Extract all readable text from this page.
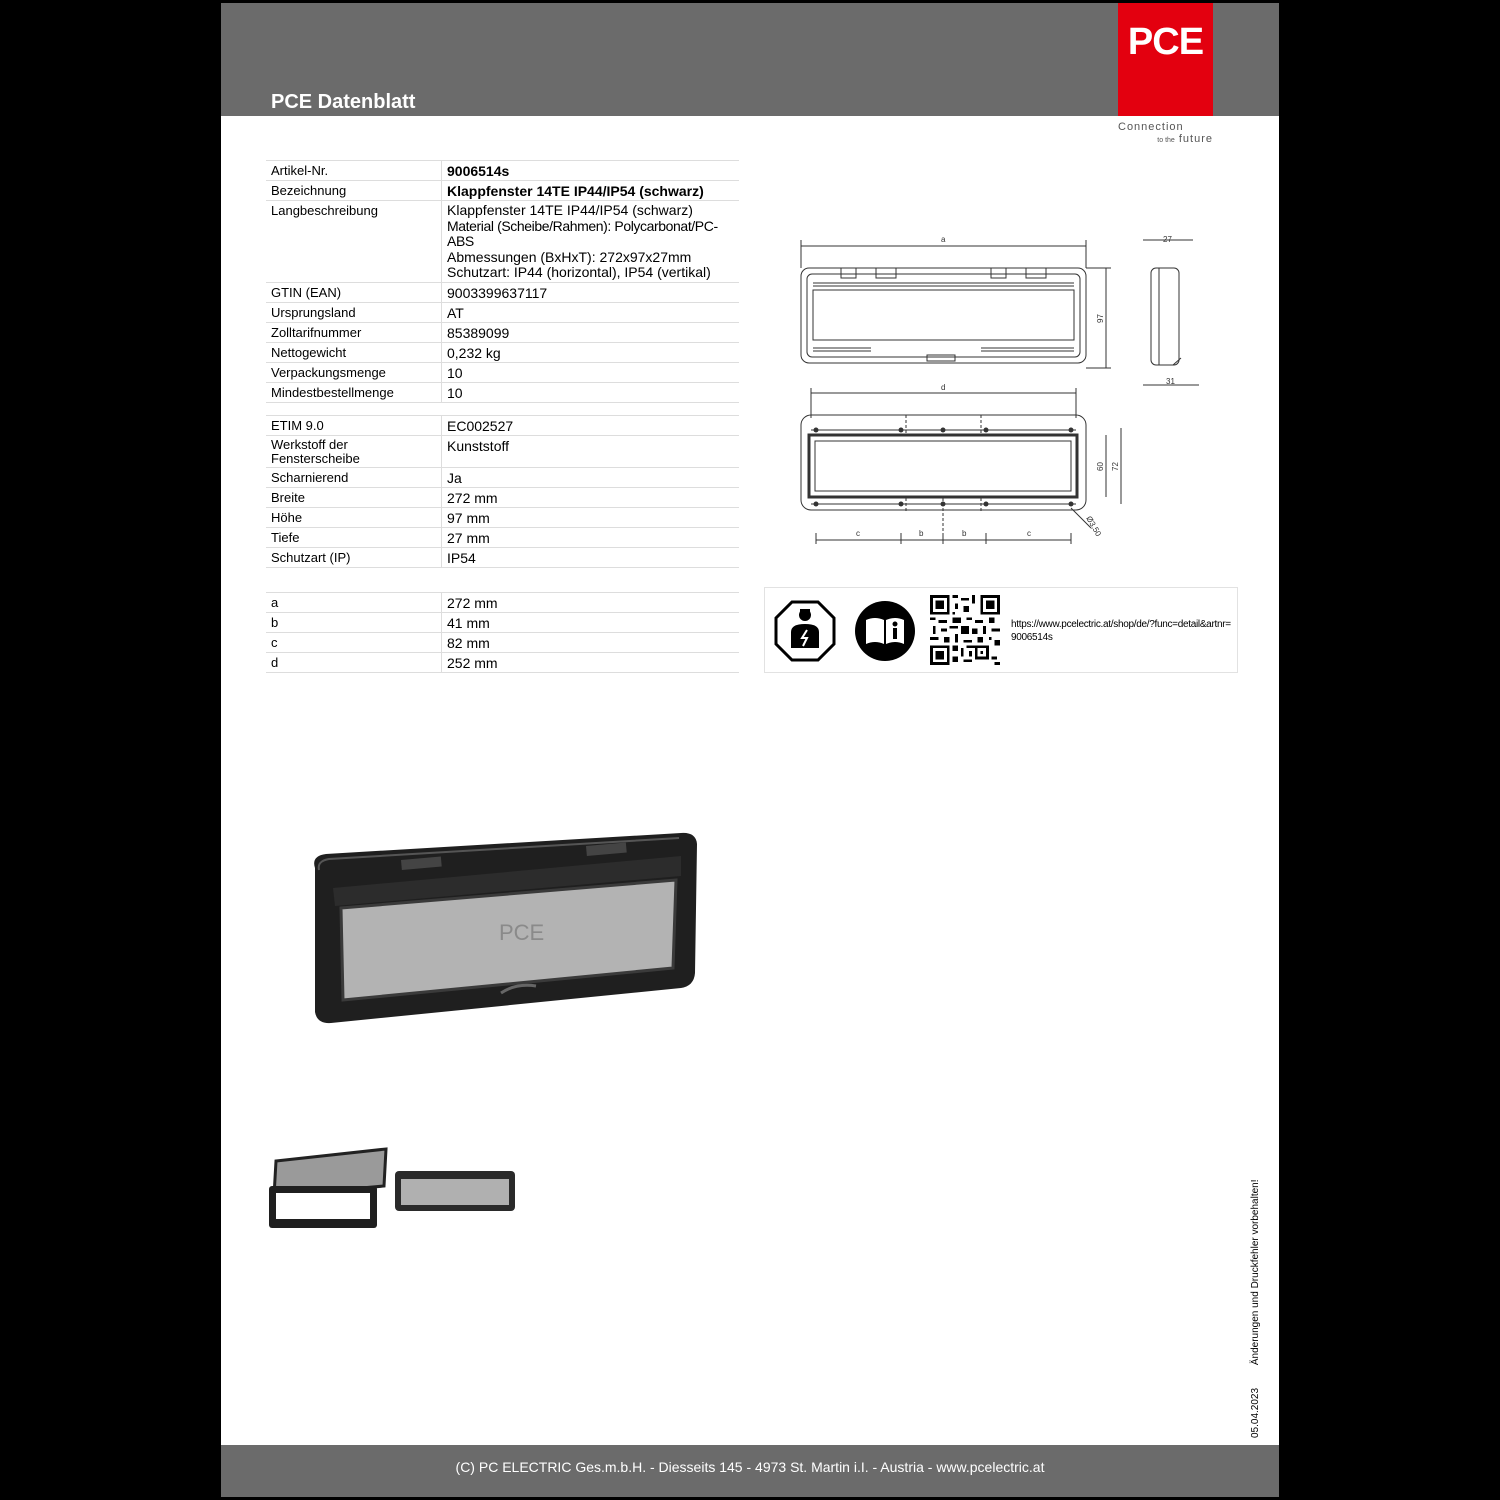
PCE Datenblatt
PCE
Connection
to the future
Artikel-Nr.	9006514s
Bezeichnung	Klappfenster 14TE IP44/IP54 (schwarz)
Langbeschreibung	Klappfenster 14TE IP44/IP54 (schwarz)
Material (Scheibe/Rahmen): Polycarbonat/PC-ABS
Abmessungen (BxHxT): 272x97x27mm
Schutzart: IP44 (horizontal), IP54 (vertikal)

GTIN (EAN)	9003399637117
Ursprungsland	AT
Zolltarifnummer	85389099
Nettogewicht	0,232 kg
Verpackungsmenge	10
Mindestbestellmenge	10
ETIM 9.0	EC002527

Werkstoff der
Fensterscheibe	Kunststoff
Scharnierend	Ja
Breite	272 mm
Höhe	97 mm
Tiefe	27 mm
Schutzart (IP)	IP54
a	272 mm
b	41 mm
c	82 mm
d	252 mm
a	27
31
97
d
60 72
c	b	b	c	Ø3,50
https://www.pcelectric.at/shop/de/?func=detail&artnr=9006514s
PCE
05.04.2023 Änderungen und Druckfehler vorbehalten!
(C) PC ELECTRIC Ges.m.b.H. - Diesseits 145 - 4973 St. Martin i.I. - Austria - www.pcelectric.at
